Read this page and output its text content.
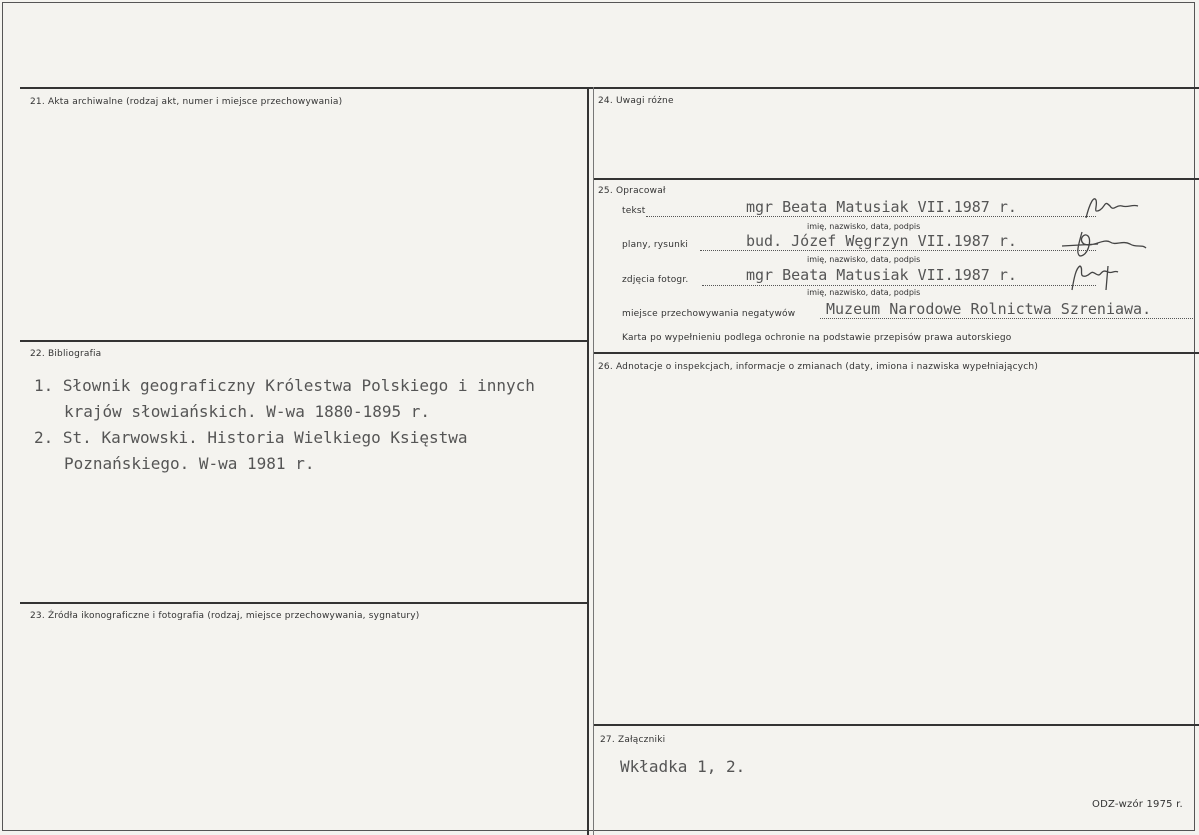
21. Akta archiwalne (rodzaj akt, numer i miejsce przechowywania)
22. Bibliografia
1. Słownik geograficzny Królestwa Polskiego i innych
krajów słowiańskich. W-wa 1880-1895 r.
2. St. Karwowski. Historia Wielkiego Księstwa
Poznańskiego. W-wa 1981 r.
23. Źródła ikonograficzne i fotografia (rodzaj, miejsce przechowywania, sygnatury)
24. Uwagi różne
25. Opracował
tekst	mgr Beata Matusiak VII.1987 r.
imię, nazwisko, data, podpis
plany, rysunki	bud. Józef Węgrzyn VII.1987 r.
imię, nazwisko, data, podpis
zdjęcia fotogr.	mgr Beata Matusiak VII.1987 r.
imię, nazwisko, data, podpis
miejsce przechowywania negatywów Muzeum Narodowe Rolnictwa Szreniawa.
Karta po wypełnieniu podlega ochronie na podstawie przepisów prawa autorskiego
26. Adnotacje o inspekcjach, informacje o zmianach (daty, imiona i nazwiska wypełniających)
27. Załączniki
Wkładka 1, 2.
ODZ-wzór 1975 r.
